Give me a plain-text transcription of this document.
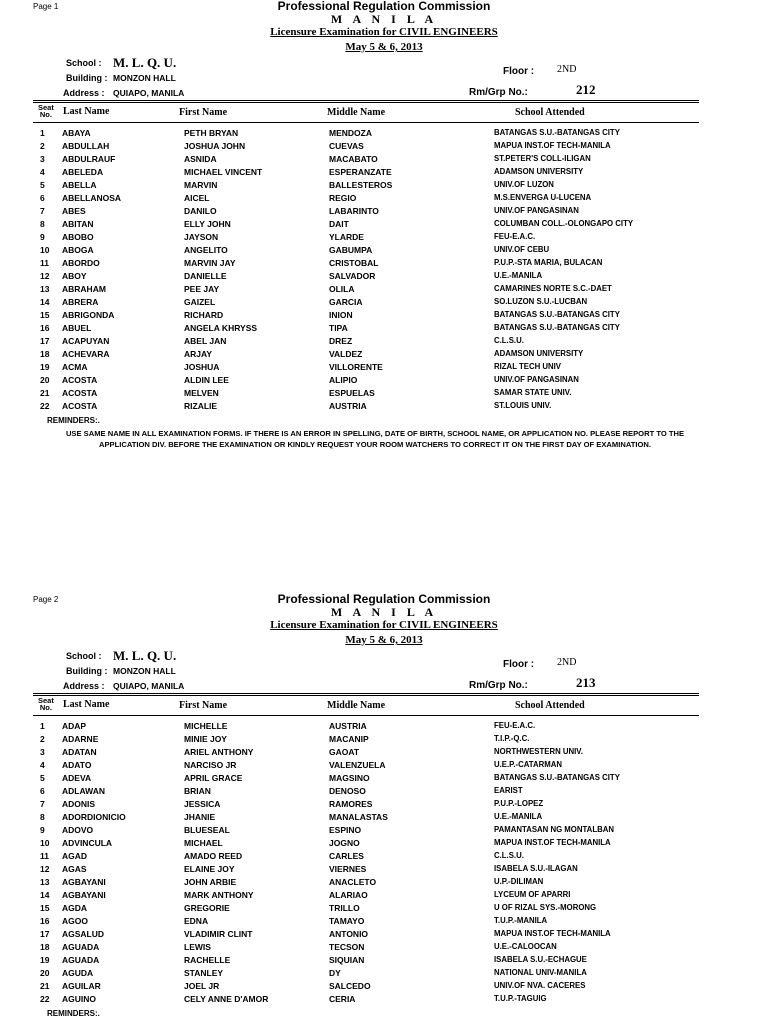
Page 1	Professional Regulation Commission
M A N I L A
Licensure Examination for CIVIL ENGINEERS
May 5 & 6, 2013
School : M. L. Q. U.
Building : MONZON HALL
Address : QUIAPO, MANILA
Floor : 2ND
Rm/Grp No.:	212
Seat
No. Last Name	First Name	Middle Name	School Attended
1 ABAYA	PETH BRYAN	MENDOZA	BATANGAS S.U.-BATANGAS CITY
2 ABDULLAH	JOSHUA JOHN	CUEVAS	MAPUA INST.OF TECH-MANILA
3 ABDULRAUF	ASNIDA	MACABATO	ST.PETER'S COLL-ILIGAN
4 ABELEDA	MICHAEL VINCENT	ESPERANZATE	ADAMSON UNIVERSITY
5 ABELLA	MARVIN	BALLESTEROS	UNIV.OF LUZON
6 ABELLANOSA	AICEL	REGIO	M.S.ENVERGA U-LUCENA
7 ABES	DANILO	LABARINTO	UNIV.OF PANGASINAN
8 ABITAN	ELLY JOHN	DAIT	COLUMBAN COLL.-OLONGAPO CITY
9 ABOBO	JAYSON	YLARDE	FEU-E.A.C.
10 ABOGA	ANGELITO	GABUMPA	UNIV.OF CEBU
11 ABORDO	MARVIN JAY	CRISTOBAL	P.U.P.-STA MARIA, BULACAN
12 ABOY	DANIELLE	SALVADOR	U.E.-MANILA
13 ABRAHAM	PEE JAY	OLILA	CAMARINES NORTE S.C.-DAET
14 ABRERA	GAIZEL	GARCIA	SO.LUZON S.U.-LUCBAN
15 ABRIGONDA	RICHARD	INION	BATANGAS S.U.-BATANGAS CITY
16 ABUEL	ANGELA KHRYSS	TIPA	BATANGAS S.U.-BATANGAS CITY
17 ACAPUYAN	ABEL JAN	DREZ	C.L.S.U.
18 ACHEVARA	ARJAY	VALDEZ	ADAMSON UNIVERSITY
19 ACMA	JOSHUA	VILLORENTE	RIZAL TECH UNIV
20 ACOSTA	ALDIN LEE	ALIPIO	UNIV.OF PANGASINAN
21 ACOSTA	MELVEN	ESPUELAS	SAMAR STATE UNIV.
22 ACOSTA	RIZALIE	AUSTRIA	ST.LOUIS UNIV.
REMINDERS:.
USE SAME NAME IN ALL EXAMINATION FORMS. IF THERE IS AN ERROR IN SPELLING, DATE OF BIRTH, SCHOOL NAME, OR APPLICATION NO. PLEASE REPORT TO THE
APPLICATION DIV. BEFORE THE EXAMINATION OR KINDLY REQUEST YOUR ROOM WATCHERS TO CORRECT IT ON THE FIRST DAY OF EXAMINATION.
Page 2	Professional Regulation Commission
M A N I L A
Licensure Examination for CIVIL ENGINEERS
May 5 & 6, 2013
School : M. L. Q. U.
Building : MONZON HALL
Address : QUIAPO, MANILA
Floor : 2ND
Rm/Grp No.:	213
Seat
No. Last Name	First Name	Middle Name	School Attended
1 ADAP	MICHELLE	AUSTRIA	FEU-E.A.C.
2 ADARNE	MINIE JOY	MACANIP	T.I.P.-Q.C.
3 ADATAN	ARIEL ANTHONY	GAOAT	NORTHWESTERN UNIV.
4 ADATO	NARCISO JR	VALENZUELA	U.E.P.-CATARMAN
5 ADEVA	APRIL GRACE	MAGSINO	BATANGAS S.U.-BATANGAS CITY
6 ADLAWAN	BRIAN	DENOSO	EARIST
7 ADONIS	JESSICA	RAMORES	P.U.P.-LOPEZ
8 ADORDIONICIO	JHANIE	MANALASTAS	U.E.-MANILA
9 ADOVO	BLUESEAL	ESPINO	PAMANTASAN NG MONTALBAN
10 ADVINCULA	MICHAEL	JOGNO	MAPUA INST.OF TECH-MANILA
11 AGAD	AMADO REED	CARLES	C.L.S.U.
12 AGAS	ELAINE JOY	VIERNES	ISABELA S.U.-ILAGAN
13 AGBAYANI	JOHN ARBIE	ANACLETO	U.P.-DILIMAN
14 AGBAYANI	MARK ANTHONY	ALARIAO	LYCEUM OF APARRI
15 AGDA	GREGORIE	TRILLO	U OF RIZAL SYS.-MORONG
16 AGOO	EDNA	TAMAYO	T.U.P.-MANILA
17 AGSALUD	VLADIMIR CLINT	ANTONIO	MAPUA INST.OF TECH-MANILA
18 AGUADA	LEWIS	TECSON	U.E.-CALOOCAN
19 AGUADA	RACHELLE	SIQUIAN	ISABELA S.U.-ECHAGUE
20 AGUDA	STANLEY	DY	NATIONAL UNIV-MANILA
21 AGUILAR	JOEL JR	SALCEDO	UNIV.OF NVA. CACERES
22 AGUINO	CELY ANNE D'AMOR	CERIA	T.U.P.-TAGUIG
REMINDERS:.
